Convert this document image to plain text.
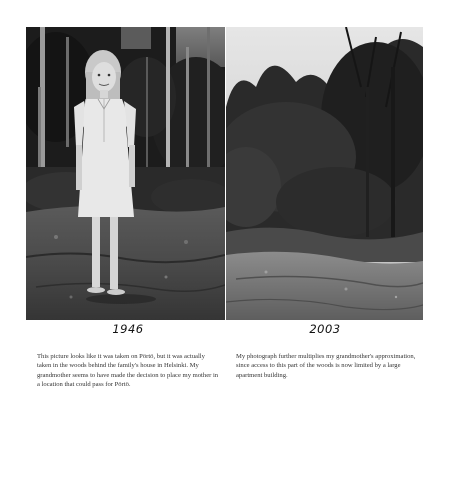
1946	2003

This picture looks like it was taken on Pörtö, but it was actually taken in the woods behind the family's house in Helsinki. My grandmother seems to have made the decision to place my mother in a location that could pass for Pörtö.

My photograph further multiplies my grandmother's approximation, since access to this part of the woods is now limited by a large apartment building.
